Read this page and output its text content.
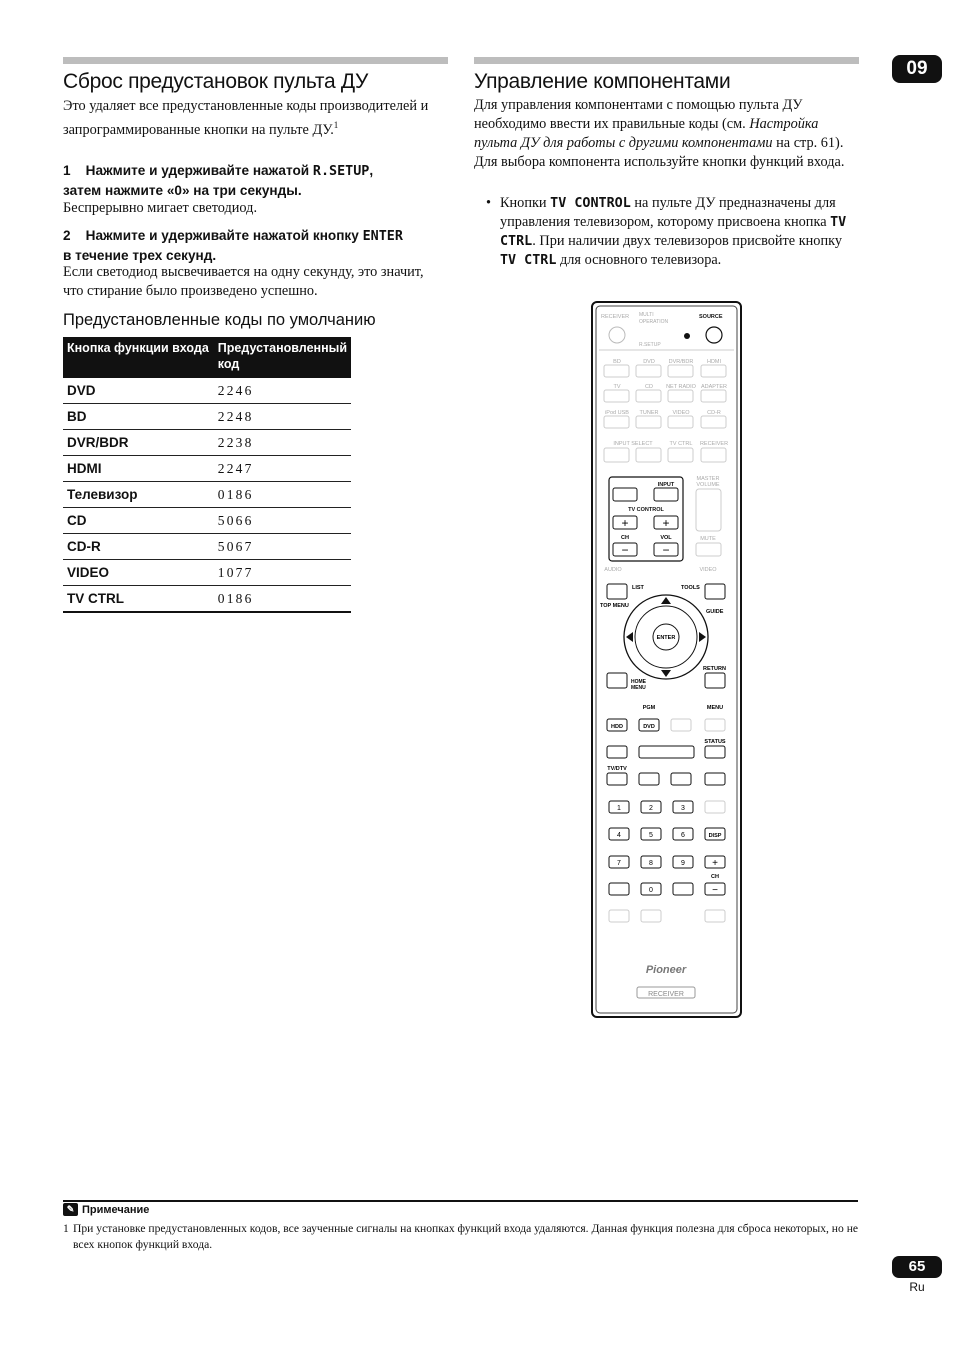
09
Сброс предустановок пульта ДУ
Это удаляет все предустановленные коды производителей и запрограммированные кнопки на пульте ДУ.$^1$
1 Нажмите и удерживайте нажатой R.SETUP,
затем нажмите «0» на три секунды.
Беспрерывно мигает светодиод.
2 Нажмите и удерживайте нажатой кнопку ENTER
в течение трех секунд.
Если светодиод высвечивается на одну секунду, это значит, что стирание было произведено успешно.
Предустановленные коды по умолчанию
Кнопка функции входа	Предустановленный код
DVD	2246
BD	2248
DVR/BDR	2238
HDMI	2247
Телевизор	0186
CD	5066
CD-R	5067
VIDEO	1077
TV CTRL	0186
Управление компонентами
Для управления компонентами с помощью пульта ДУ необходимо ввести их правильные коды (см. Настройка пульта ДУ для работы с другими компонентами на стр. 61). Для выбора компонента используйте кнопки функций входа.
• Кнопки TV CONTROL на пульте ДУ предназначены для управления телевизором, которому присвоена кнопка TV CTRL. При наличии двух телевизоров присвойте кнопку TV CTRL для основного телевизора.
RECEIVER MULTI
OPERATION
R.SETUP
SOURCE
BD	DVD	DVR/BDR HDMI
TV	CD NET RADIO ADAPTER
iPod USB TUNER	VIDEO	CD-R
INPUT SELECT	TV CTRL RECEIVER
INPUT
TV CONTROL
+	+
CH	VOL
−	−
MASTER
VOLUME
MUTE
AUDIO	VIDEO
LIST	TOOLS
TOP MENU
GUIDE
ENTER
RETURN
HOME
MENU
HDD	DVD
PGM	MENU
STATUS
TV/DTV
1	2	3
4	5	6	DISP
7	8	9	+
0	−
CH
Pioneer
RECEIVER
✎ Примечание
1 При установке предустановленных кодов, все заученные сигналы на кнопках функций входа удаляются. Данная функция полезна для сброса некоторых, но не всех кнопок функций входа.
65
Ru
